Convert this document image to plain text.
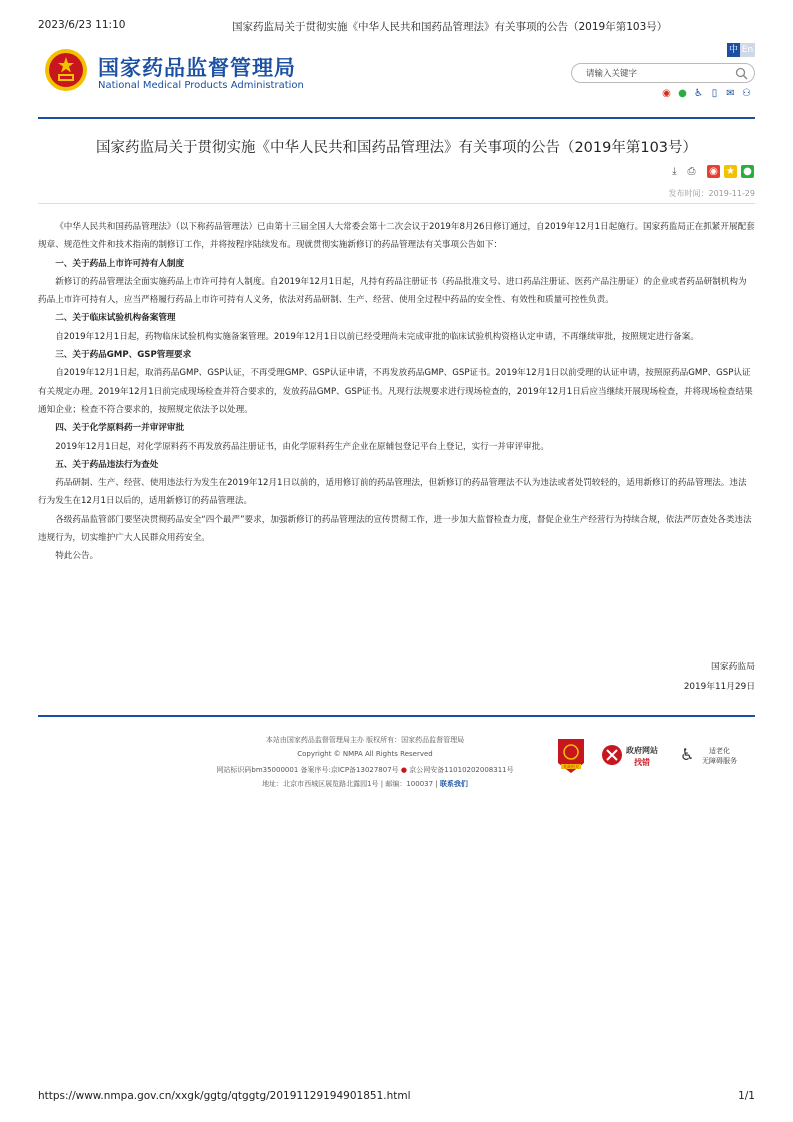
2023/6/23 11:10	国家药监局关于贯彻实施《中华人民共和国药品管理法》有关事项的公告（2019年第103号）
国家药品监督管理局
National Medical Products Administration
中 En
请输入关键字
◉ ● ♿ ▯ ✉ ⚇
国家药监局关于贯彻实施《中华人民共和国药品管理法》有关事项的公告（2019年第103号）
⤓	⎙ ◉ ★ ●
发布时间：2019-11-29

《中华人民共和国药品管理法》（以下称药品管理法）已由第十三届全国人大常委会第十二次会议于2019年8月26日修订通过，自2019年12月1日起施行。国家药监局正在抓紧开展配套规章、规范性文件和技术指南的制修订工作，并将按程序陆续发布。现就贯彻实施新修订的药品管理法有关事项公告如下：

一、关于药品上市许可持有人制度

新修订的药品管理法全面实施药品上市许可持有人制度。自2019年12月1日起，凡持有药品注册证书（药品批准文号、进口药品注册证、医药产品注册证）的企业或者药品研制机构为药品上市许可持有人，应当严格履行药品上市许可持有人义务，依法对药品研制、生产、经营、使用全过程中药品的安全性、有效性和质量可控性负责。

二、关于临床试验机构备案管理

自2019年12月1日起，药物临床试验机构实施备案管理。2019年12月1日以前已经受理尚未完成审批的临床试验机构资格认定申请，不再继续审批，按照规定进行备案。

三、关于药品GMP、GSP管理要求

自2019年12月1日起，取消药品GMP、GSP认证，不再受理GMP、GSP认证申请，不再发放药品GMP、GSP证书。2019年12月1日以前受理的认证申请，按照原药品GMP、GSP认证有关规定办理。2019年12月1日前完成现场检查并符合要求的，发放药品GMP、GSP证书。凡现行法规要求进行现场检查的，2019年12月1日后应当继续开展现场检查，并将现场检查结果通知企业；检查不符合要求的，按照规定依法予以处理。

四、关于化学原料药一并审评审批

2019年12月1日起，对化学原料药不再发放药品注册证书，由化学原料药生产企业在原辅包登记平台上登记，实行一并审评审批。

五、关于药品违法行为查处

药品研制、生产、经营、使用违法行为发生在2019年12月1日以前的，适用修订前的药品管理法，但新修订的药品管理法不认为违法或者处罚较轻的，适用新修订的药品管理法。违法行为发生在12月1日以后的，适用新修订的药品管理法。

各级药品监管部门要坚决贯彻药品安全“四个最严”要求，加强新修订的药品管理法的宣传贯彻工作，进一步加大监督检查力度，督促企业生产经营行为持续合规，依法严厉查处各类违法违规行为，切实维护广大人民群众用药安全。

特此公告。

国家药监局
2019年11月29日
本站由国家药品监督管理局主办 版权所有：国家药品监督管理局
Copyright © NMPA All Rights Reserved
网站标识码bm35000001 备案序号:京ICP备13027807号 ● 京公网安备11010202008311号
地址：北京市西城区展览路北露园1号 | 邮编：100037 | 联系我们
党政机关
政府网站
找错 ♿ 适老化
无障碍服务
https://www.nmpa.gov.cn/xxgk/ggtg/qtggtg/20191129194901851.html	1/1
